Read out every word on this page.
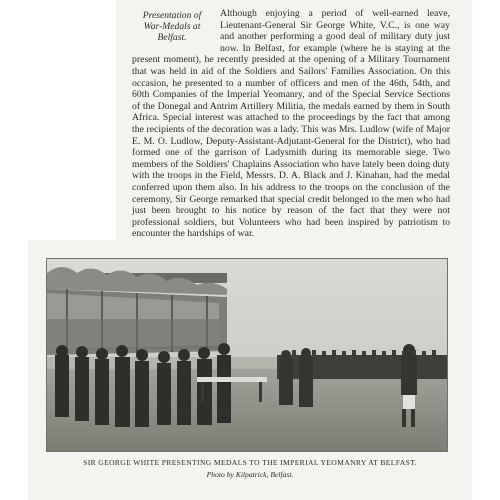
Presentation of
War-Medals at
Belfast.

Although enjoying a period of well-earned leave, Lieutenant-General Sir George White, V.C., is one way and another performing a good deal of military duty just now. In Belfast, for example (where he is staying at the present moment), he recently presided at the opening of a Military Tournament that was held in aid of the Soldiers and Sailors' Families Association. On this occasion, he presented to a number of officers and men of the 46th, 54th, and 60th Companies of the Imperial Yeomanry, and of the Special Service Sections of the Donegal and Antrim Artillery Militia, the medals earned by them in South Africa. Special interest was attached to the proceedings by the fact that among the recipients of the decoration was a lady. This was Mrs. Ludlow (wife of Major E. M. O. Ludlow, Deputy-Assistant-Adjutant-General for the District), who had formed one of the garrison of Ladysmith during its memorable siege. Two members of the Soldiers' Chaplains Association who have lately been doing duty with the troops in the Field, Messrs. D. A. Black and J. Kinahan, had the medal conferred upon them also. In his address to the troops on the conclusion of the ceremony, Sir George remarked that special credit belonged to the men who had just been brought to his notice by reason of the fact that they were not professional soldiers, but Volunteers who had been inspired by patriotism to encounter the hardships of war.

SIR GEORGE WHITE PRESENTING MEDALS TO THE IMPERIAL YEOMANRY AT BELFAST.

Photo by Kilpatrick, Belfast.
